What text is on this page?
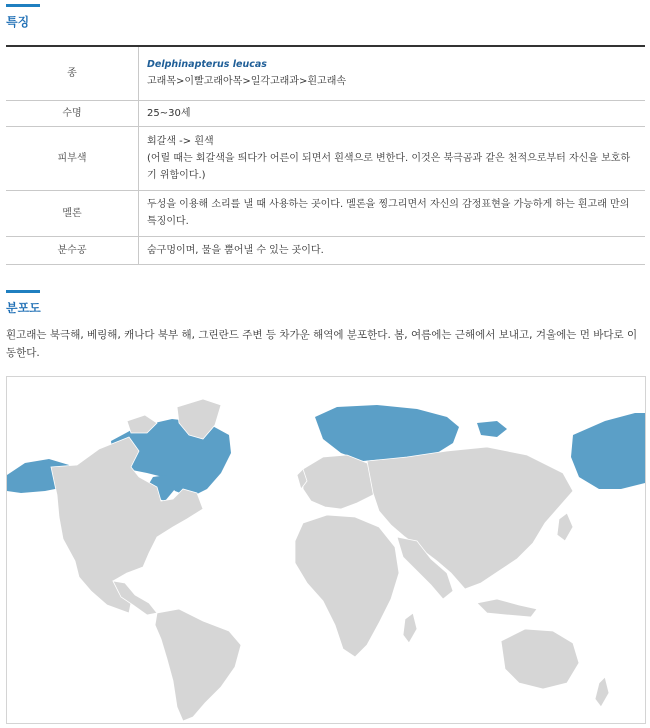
특징
종	Delphinapterus leucas
고래목>이빨고래아목>일각고래과>흰고래속

수명	25~30세
피부색	회갈색 -> 흰색
(어릴 때는 회갈색을 띄다가 어른이 되면서 흰색으로 변한다. 이것은 북극곰과 같은 천적으로부터 자신을 보호하기 위함이다.)

멜론	두성을 이용해 소리를 낼 때 사용하는 곳이다. 멜론을 찡그리면서 자신의 감정표현을 가능하게 하는 흰고래 만의 특징이다.
분수공	숨구멍이며, 물을 뿜어낼 수 있는 곳이다.
분포도
흰고래는 북극해, 베링해, 캐나다 북부 해, 그린란드 주변 등 차가운 해역에 분포한다. 봄, 여름에는 근해에서 보내고, 겨울에는 먼 바다로 이동한다.
